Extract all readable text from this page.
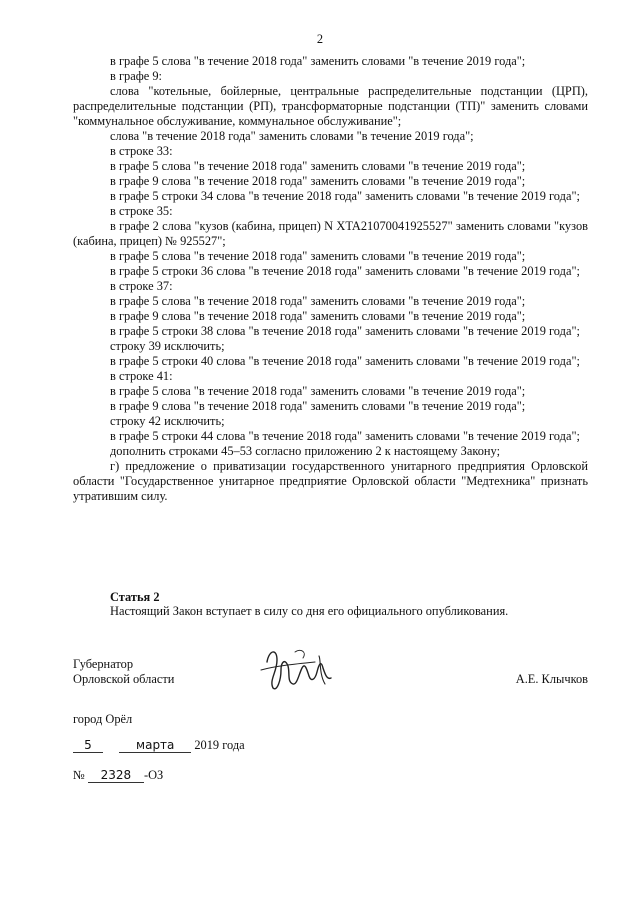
2

в графе 5 слова "в течение 2018 года" заменить словами "в течение 2019 года";

в графе 9:

слова "котельные, бойлерные, центральные распределительные подстанции (ЦРП), распределительные подстанции (РП), трансформаторные подстанции (ТП)" заменить словами "коммунальное обслуживание, коммунальное обслуживание";

слова "в течение 2018 года" заменить словами "в течение 2019 года";

в строке 33:

в графе 5 слова "в течение 2018 года" заменить словами "в течение 2019 года";

в графе 9 слова "в течение 2018 года" заменить словами "в течение 2019 года";

в графе 5 строки 34 слова "в течение 2018 года" заменить словами "в течение 2019 года";

в строке 35:

в графе 2 слова "кузов (кабина, прицеп) N XTA21070041925527" заменить словами "кузов (кабина, прицеп) № 925527";

в графе 5 слова "в течение 2018 года" заменить словами "в течение 2019 года";

в графе 5 строки 36 слова "в течение 2018 года" заменить словами "в течение 2019 года";

в строке 37:

в графе 5 слова "в течение 2018 года" заменить словами "в течение 2019 года";

в графе 9 слова "в течение 2018 года" заменить словами "в течение 2019 года";

в графе 5 строки 38 слова "в течение 2018 года" заменить словами "в течение 2019 года";

строку 39 исключить;

в графе 5 строки 40 слова "в течение 2018 года" заменить словами "в течение 2019 года";

в строке 41:

в графе 5 слова "в течение 2018 года" заменить словами "в течение 2019 года";

в графе 9 слова "в течение 2018 года" заменить словами "в течение 2019 года";

строку 42 исключить;

в графе 5 строки 44 слова "в течение 2018 года" заменить словами "в течение 2019 года";

дополнить строками 45–53 согласно приложению 2 к настоящему Закону;

г) предложение о приватизации государственного унитарного предприятия Орловской области "Государственное унитарное предприятие Орловской области "Медтехника" признать утратившим силу.

Статья 2
Настоящий Закон вступает в силу со дня его официального опубликования.
Губернатор
Орловской области	А.Е. Клычков
город Орёл
5	марта 2019 года
№ 2328 -ОЗ
